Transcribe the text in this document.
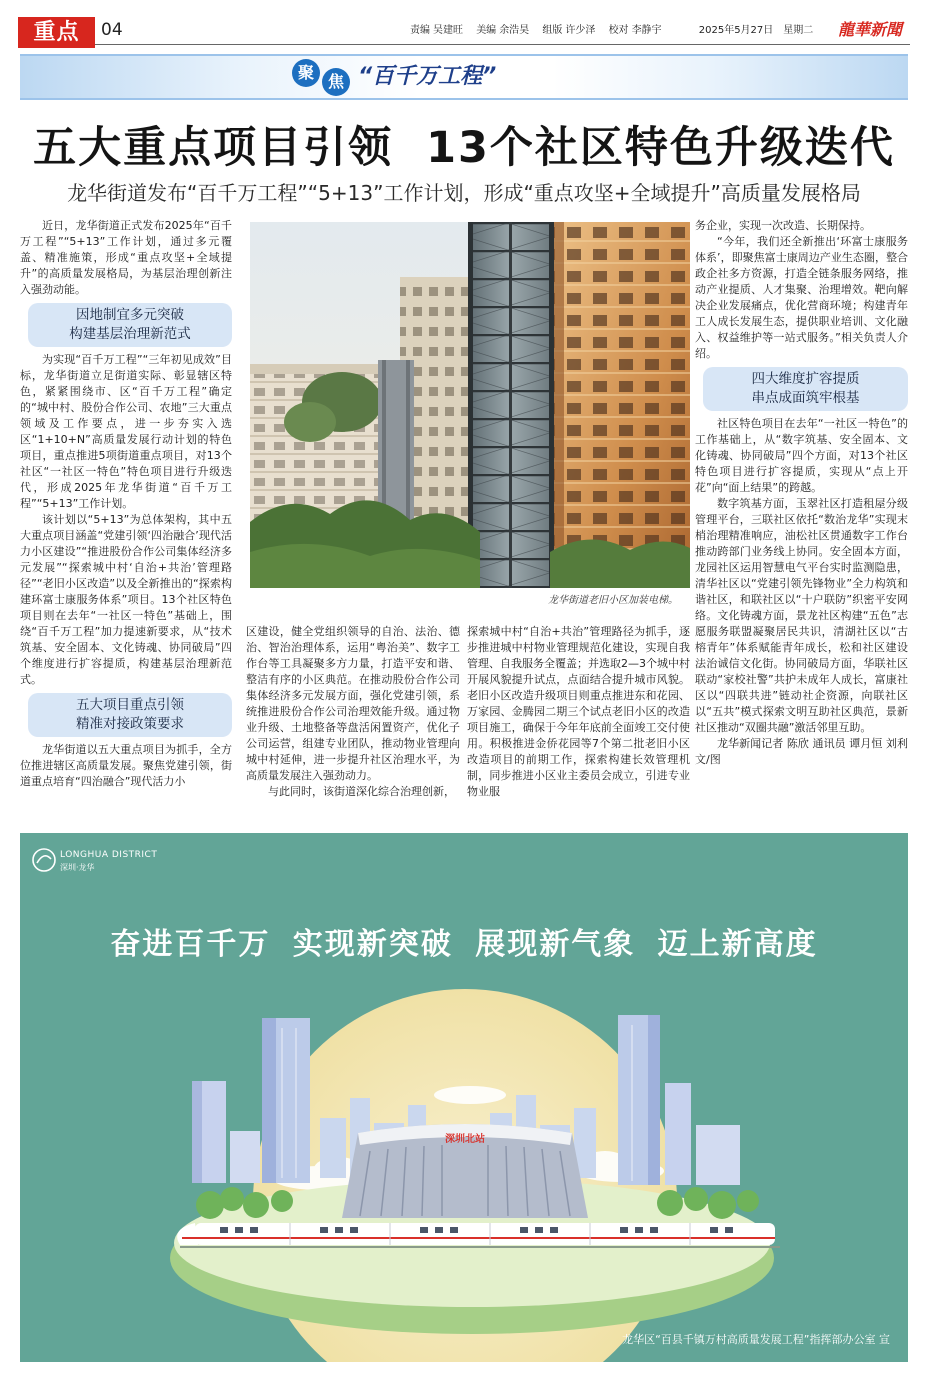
重点	04	责编 吴建旺 美编 余浩昊 组版 许少泽 校对 李静宇	2025年5月27日 星期二 龍華新聞
聚 焦 “百千万工程”
五大重点项目引领 13个社区特色升级迭代
龙华街道发布“百千万工程”“5+13”工作计划，形成“重点攻坚+全域提升”高质量发展格局

近日，龙华街道正式发布2025年“百千万工程”“5+13”工作计划，通过多元覆盖、精准施策，形成“重点攻坚+全域提升”的高质量发展格局，为基层治理创新注入强劲动能。

因地制宜多元突破
构建基层治理新范式

为实现“百千万工程”“三年初见成效”目标，龙华街道立足街道实际、彰显辖区特色，紧紧围绕市、区“百千万工程”确定的“城中村、股份合作公司、农地”三大重点领域及工作要点，进一步夯实入选区“1+10+N”高质量发展行动计划的特色项目，重点推进5项街道重点项目，对13个社区“一社区一特色”特色项目进行升级迭代，形成2025年龙华街道“百千万工程”“5+13”工作计划。

该计划以“5+13”为总体架构，其中五大重点项目涵盖“党建引领‘四治融合’现代活力小区建设”“推进股份合作公司集体经济多元发展”“探索城中村‘自治+共治’管理路径”“老旧小区改造”以及全新推出的“探索构建环富士康服务体系”项目。13个社区特色项目则在去年“一社区一特色”基础上，围绕“百千万工程”加力提速新要求，从“技术筑基、安全固本、文化铸魂、协同破局”四个维度进行扩容提质，构建基层治理新范式。

五大项目重点引领
精准对接政策要求

龙华街道以五大重点项目为抓手，全方位推进辖区高质量发展。聚焦党建引领，街道重点培育“四治融合”现代活力小

龙华街道老旧小区加装电梯。

区建设，健全党组织领导的自治、法治、德治、智治治理体系，运用“粤治美”、数字工作台等工具凝聚多方力量，打造平安和谐、整洁有序的小区典范。在推动股份合作公司集体经济多元发展方面，强化党建引领，系统推进股份合作公司治理效能升级。通过物业升级、土地整备等盘活闲置资产，优化子公司运营，组建专业团队，推动物业管理向城中村延伸，进一步提升社区治理水平，为高质量发展注入强劲动力。

与此同时，该街道深化综合治理创新，

探索城中村“自治+共治”管理路径为抓手，逐步推进城中村物业管理规范化建设，实现自我管理、自我服务全覆盖；并选取2—3个城中村开展风貌提升试点，点面结合提升城市风貌。老旧小区改造升级项目则重点推进东和花园、万家园、金腾园二期三个试点老旧小区的改造项目施工，确保于今年年底前全面竣工交付使用。积极推进金侨花园等7个第二批老旧小区改造项目的前期工作，探索构建长效管理机制，同步推进小区业主委员会成立，引进专业物业服

务企业，实现一次改造、长期保持。

“今年，我们还全新推出‘环富士康服务体系’，即聚焦富士康周边产业生态圈，整合政企社多方资源，打造全链条服务网络，推动产业提质、人才集聚、治理增效。靶向解决企业发展痛点，优化营商环境；构建青年工人成长发展生态，提供职业培训、文化融入、权益维护等一站式服务。”相关负责人介绍。

四大维度扩容提质
串点成面筑牢根基

社区特色项目在去年“一社区一特色”的工作基础上，从“数字筑基、安全固本、文化铸魂、协同破局”四个方面，对13个社区特色项目进行扩容提质，实现从“点上开花”向“面上结果”的跨越。

数字筑基方面，玉翠社区打造租屋分级管理平台，三联社区依托“数治龙华”实现末梢治理精准响应，油松社区贯通数字工作台推动跨部门业务线上协同。安全固本方面，龙园社区运用智慧电气平台实时监测隐患，清华社区以“党建引领先锋物业”全力构筑和谐社区，和联社区以“十户联防”织密平安网络。文化铸魂方面，景龙社区构建“五色”志愿服务联盟凝聚居民共识，清湖社区以“古榕青年”体系赋能青年成长，松和社区建设法治诚信文化街。协同破局方面，华联社区联动“家校社警”共护未成年人成长，富康社区以“四联共进”链动社企资源，向联社区以“五共”模式探索文明互助社区典范，景新社区推动“双圈共融”激活邻里互助。

龙华新闻记者 陈欣 通讯员 谭月恒 刘利 文/图

深圳北站
LONGHUA DISTRICT
深圳·龙华
奋进百千万 实现新突破 展现新气象 迈上新高度
龙华区“百县千镇万村高质量发展工程”指挥部办公室 宣
